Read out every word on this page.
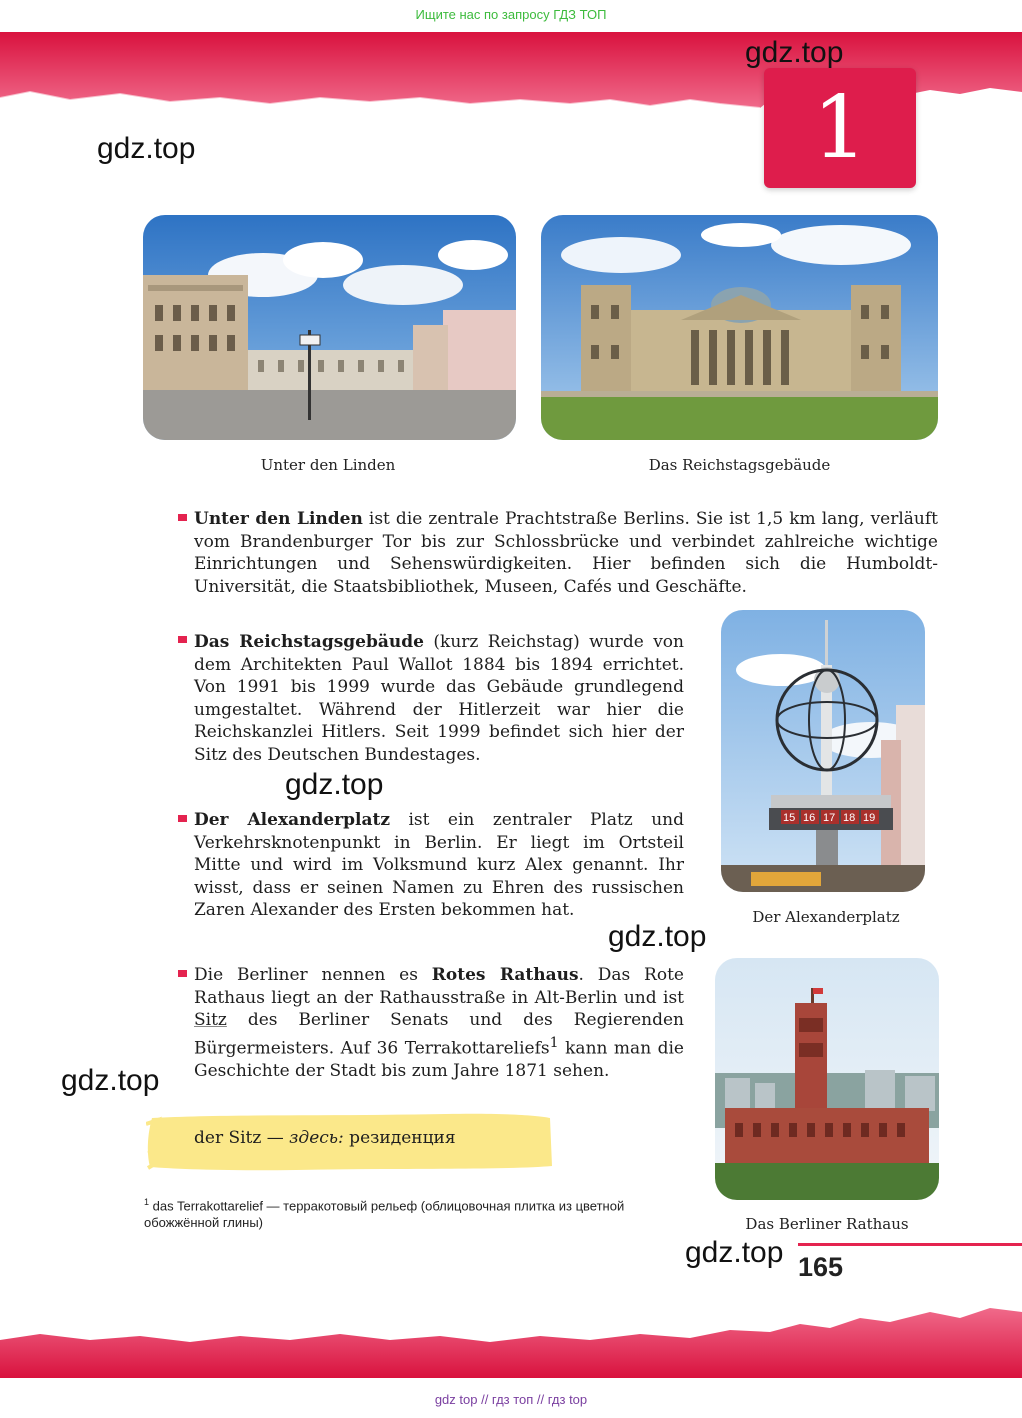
Ищите нас по запросу ГДЗ ТОП
1
gdz.top
gdz.top
gdz.top
gdz.top
gdz.top
gdz.top
Unter den Linden	Das Reichstagsgebäude
Unter den Linden ist die zentrale Prachtstraße Berlins. Sie ist 1,5 km lang, verläuft vom Brandenburger Tor bis zur Schlossbrücke und verbindet zahlreiche wichtige Einrichtungen und Sehenswürdigkeiten. Hier befinden sich die Humboldt-Universität, die Staatsbibliothek, Museen, Cafés und Geschäfte.
15 16 17 18 19
Der Alexanderplatz
Das Reichstagsgebäude (kurz Reichstag) wurde von dem Architekten Paul Wallot 1884 bis 1894 errichtet. Von 1991 bis 1999 wurde das Gebäude grundlegend umgestaltet. Während der Hitlerzeit war hier die Reichskanzlei Hitlers. Seit 1999 befindet sich hier der Sitz des Deutschen Bundestages.
Der Alexanderplatz ist ein zentraler Platz und Verkehrsknotenpunkt in Berlin. Er liegt im Ortsteil Mitte und wird im Volksmund kurz Alex genannt. Ihr wisst, dass er seinen Namen zu Ehren des russischen Zaren Alexander des Ersten bekommen hat.
Das Berliner Rathaus
Die Berliner nennen es Rotes Rathaus. Das Rote Rathaus liegt an der Rathausstraße in Alt-Berlin und ist Sitz des Berliner Senats und des Regierenden Bürgermeisters. Auf 36 Terrakottareliefs$^1$ kann man die Geschichte der Stadt bis zum Jahre 1871 sehen.
der Sitz — здесь: резиденция
$^1$ das Terrakottarelief — терракотовый рельеф (облицовочная плитка из цветной обожжённой глины)
165
gdz top // гдз топ // гдз top
